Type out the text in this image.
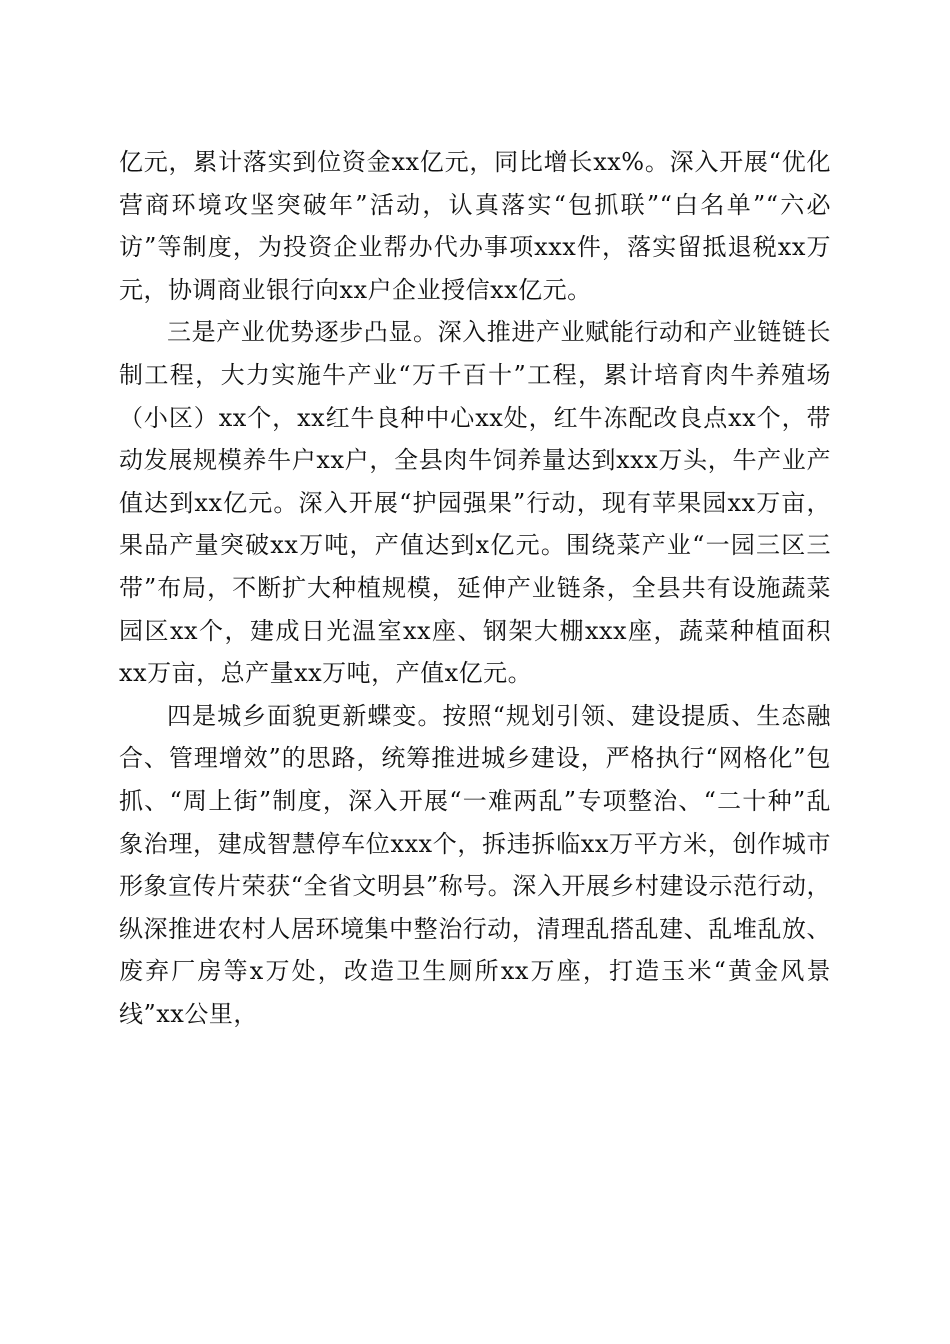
亿元，累计落实到位资金xx亿元，同比增长xx%。深入开展“优化营商环境攻坚突破年”活动，认真落实“包抓联”“白名单”“六必访”等制度，为投资企业帮办代办事项xxx件，落实留抵退税xx万元，协调商业银行向xx户企业授信xx亿元。

三是产业优势逐步凸显。深入推进产业赋能行动和产业链链长制工程，大力实施牛产业“万千百十”工程，累计培育肉牛养殖场（小区）xx个，xx红牛良种中心xx处，红牛冻配改良点xx个，带动发展规模养牛户xx户，全县肉牛饲养量达到xxx万头，牛产业产值达到xx亿元。深入开展“护园强果”行动，现有苹果园xx万亩，果品产量突破xx万吨，产值达到x亿元。围绕菜产业“一园三区三带”布局，不断扩大种植规模，延伸产业链条，全县共有设施蔬菜园区xx个，建成日光温室xx座、钢架大棚xxx座，蔬菜种植面积xx万亩，总产量xx万吨，产值x亿元。

四是城乡面貌更新蝶变。按照“规划引领、建设提质、生态融合、管理增效”的思路，统筹推进城乡建设，严格执行“网格化”包抓、“周上街”制度，深入开展“一难两乱”专项整治、“二十种”乱象治理，建成智慧停车位xxx个，拆违拆临xx万平方米，创作城市形象宣传片荣获“全省文明县”称号。深入开展乡村建设示范行动，纵深推进农村人居环境集中整治行动，清理乱搭乱建、乱堆乱放、废弃厂房等x万处，改造卫生厕所xx万座，打造玉米“黄金风景线”xx公里，
